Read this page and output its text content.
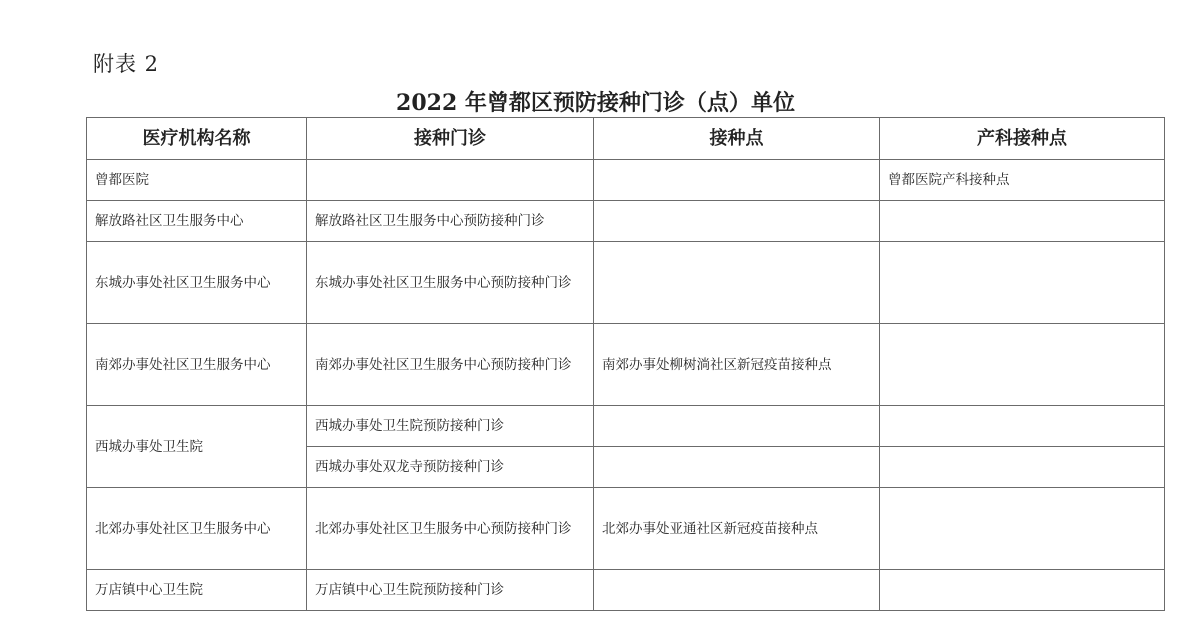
附表 2
2022 年曾都区预防接种门诊（点）单位
医疗机构名称	接种门诊	接种点	产科接种点
曾都医院			曾都医院产科接种点
解放路社区卫生服务中心	解放路社区卫生服务中心预防接种门诊		
东城办事处社区卫生服务中心	东城办事处社区卫生服务中心预防接种门诊		
南郊办事处社区卫生服务中心	南郊办事处社区卫生服务中心预防接种门诊	南郊办事处柳树淌社区新冠疫苗接种点	
西城办事处卫生院	西城办事处卫生院预防接种门诊		
	西城办事处双龙寺预防接种门诊		
北郊办事处社区卫生服务中心	北郊办事处社区卫生服务中心预防接种门诊	北郊办事处亚通社区新冠疫苗接种点	
万店镇中心卫生院	万店镇中心卫生院预防接种门诊		
